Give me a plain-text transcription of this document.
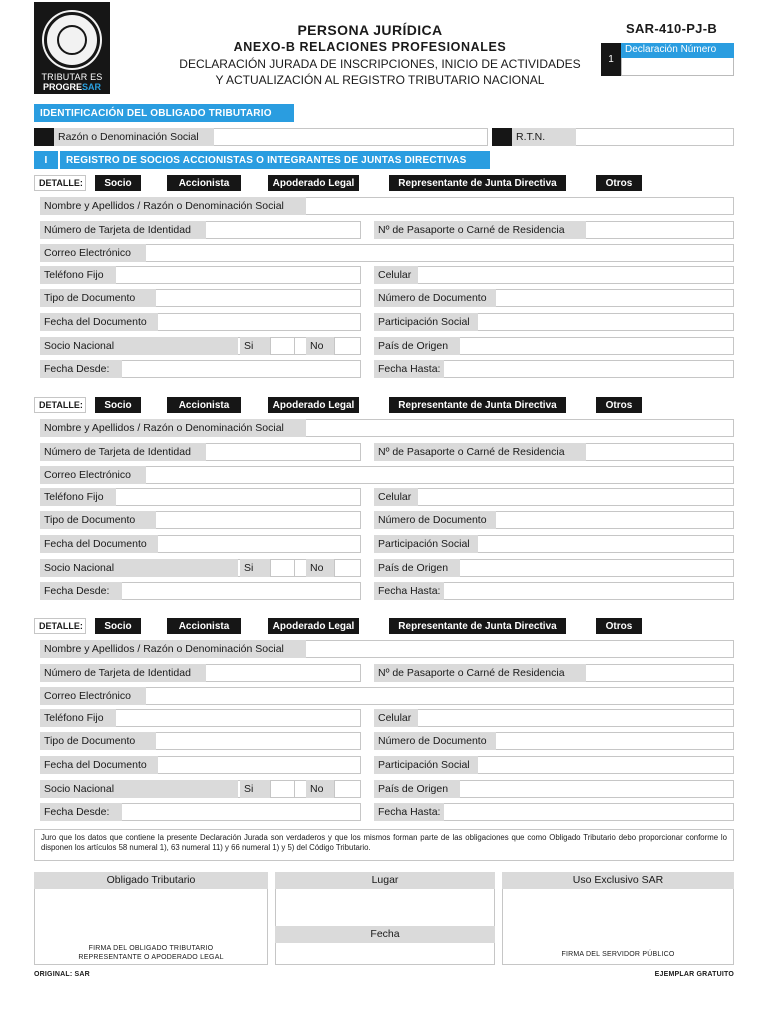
TRIBUTAR ES
PROGRESAR
PERSONA JURÍDICA
ANEXO-B RELACIONES PROFESIONALES
DECLARACIÓN JURADA DE INSCRIPCIONES, INICIO DE ACTIVIDADES
Y ACTUALIZACIÓN AL REGISTRO TRIBUTARIO NACIONAL
SAR-410-PJ-B
1
Declaración Número
IDENTIFICACIÓN DEL OBLIGADO TRIBUTARIO
Razón o Denominación Social	R.T.N.
I	REGISTRO DE SOCIOS ACCIONISTAS O INTEGRANTES DE JUNTAS DIRECTIVAS
DETALLE:	Socio	Accionista	Apoderado Legal	Representante de Junta Directiva	Otros
Nombre y Apellidos / Razón o Denominación Social
Número de Tarjeta de Identidad	Nº de Pasaporte o Carné de Residencia
Correo Electrónico
Teléfono Fijo	Celular
Tipo de Documento	Número de Documento
Fecha del Documento	Participación Social
Socio Nacional	Si	No	País de Origen
Fecha Desde:	Fecha Hasta:
DETALLE:	Socio	Accionista	Apoderado Legal	Representante de Junta Directiva	Otros
Nombre y Apellidos / Razón o Denominación Social
Número de Tarjeta de Identidad	Nº de Pasaporte o Carné de Residencia
Correo Electrónico
Teléfono Fijo	Celular
Tipo de Documento	Número de Documento
Fecha del Documento	Participación Social
Socio Nacional	Si	No	País de Origen
Fecha Desde:	Fecha Hasta:
DETALLE:	Socio	Accionista	Apoderado Legal	Representante de Junta Directiva	Otros
Nombre y Apellidos / Razón o Denominación Social
Número de Tarjeta de Identidad	Nº de Pasaporte o Carné de Residencia
Correo Electrónico
Teléfono Fijo	Celular
Tipo de Documento	Número de Documento
Fecha del Documento	Participación Social
Socio Nacional	Si	No	País de Origen
Fecha Desde:	Fecha Hasta:
Juro que los datos que contiene la presente Declaración Jurada son verdaderos y que los mismos forman parte de las obligaciones que como Obligado Tributario debo proporcionar conforme lo disponen los artículos 58 numeral 1), 63 numeral 11) y 66 numeral 1) y 5) del Código Tributario.
Obligado Tributario
FIRMA DEL OBLIGADO TRIBUTARIO
REPRESENTANTE O APODERADO LEGAL
Lugar
Fecha
Uso Exclusivo SAR
FIRMA DEL SERVIDOR PÚBLICO
ORIGINAL: SAR	EJEMPLAR GRATUITO
